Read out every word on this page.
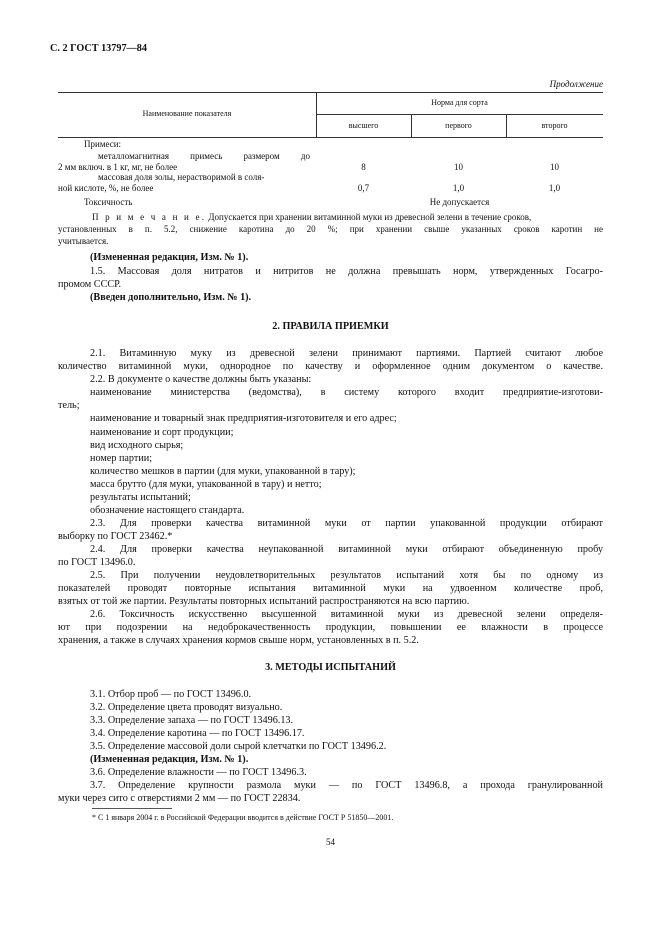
С. 2 ГОСТ 13797—84
Продолжение
Наименование показателя
Норма для сорта
высшего	первого	второго
Примеси:
металломагнитная примесь размером до
2 мм включ. в 1 кг, мг, не более	8	10	10
массовая доля золы, нерастворимой в соля-
ной кислоте, %, не более	0,7	1,0	1,0
Токсичность	Не допускается
П р и м е ч а н и е. Допускается при хранении витаминной муки из древесной зелени в течение сроков,
установленных в п. 5.2, снижение каротина до 20 %; при хранении свыше указанных сроков каротин не
учитывается.
(Измененная редакция, Изм. № 1).
1.5. Массовая доля нитратов и нитритов не должна превышать норм, утвержденных Госагро-
промом СССР.
(Введен дополнительно, Изм. № 1).
2. ПРАВИЛА ПРИЕМКИ
2.1. Витаминную муку из древесной зелени принимают партиями. Партией считают любое
количество витаминной муки, однородное по качеству и оформленное одним документом о качестве.
2.2. В документе о качестве должны быть указаны:
наименование министерства (ведомства), в систему которого входит предприятие-изготови-
тель;
наименование и товарный знак предприятия-изготовителя и его адрес;
наименование и сорт продукции;
вид исходного сырья;
номер партии;
количество мешков в партии (для муки, упакованной в тару);
масса брутто (для муки, упакованной в тару) и нетто;
результаты испытаний;
обозначение настоящего стандарта.
2.3. Для проверки качества витаминной муки от партии упакованной продукции отбирают
выборку по ГОСТ 23462.*
2.4. Для проверки качества неупакованной витаминной муки отбирают объединенную пробу
по ГОСТ 13496.0.
2.5. При получении неудовлетворительных результатов испытаний хотя бы по одному из
показателей проводят повторные испытания витаминной муки на удвоенном количестве проб,
взятых от той же партии. Результаты повторных испытаний распространяются на всю партию.
2.6. Токсичность искусственно высушенной витаминной муки из древесной зелени определя-
ют при подозрении на недоброкачественность продукции, повышении ее влажности в процессе
хранения, а также в случаях хранения кормов свыше норм, установленных в п. 5.2.
3. МЕТОДЫ ИСПЫТАНИЙ
3.1. Отбор проб — по ГОСТ 13496.0.
3.2. Определение цвета проводят визуально.
3.3. Определение запаха — по ГОСТ 13496.13.
3.4. Определение каротина — по ГОСТ 13496.17.
3.5. Определение массовой доли сырой клетчатки по ГОСТ 13496.2.
(Измененная редакция, Изм. № 1).
3.6. Определение влажности — по ГОСТ 13496.3.
3.7. Определение крупности размола муки — по ГОСТ 13496.8, а прохода гранулированной
муки через сито с отверстиями 2 мм — по ГОСТ 22834.
* С 1 января 2004 г. в Российской Федерации вводится в действие ГОСТ Р 51850—2001.
54
